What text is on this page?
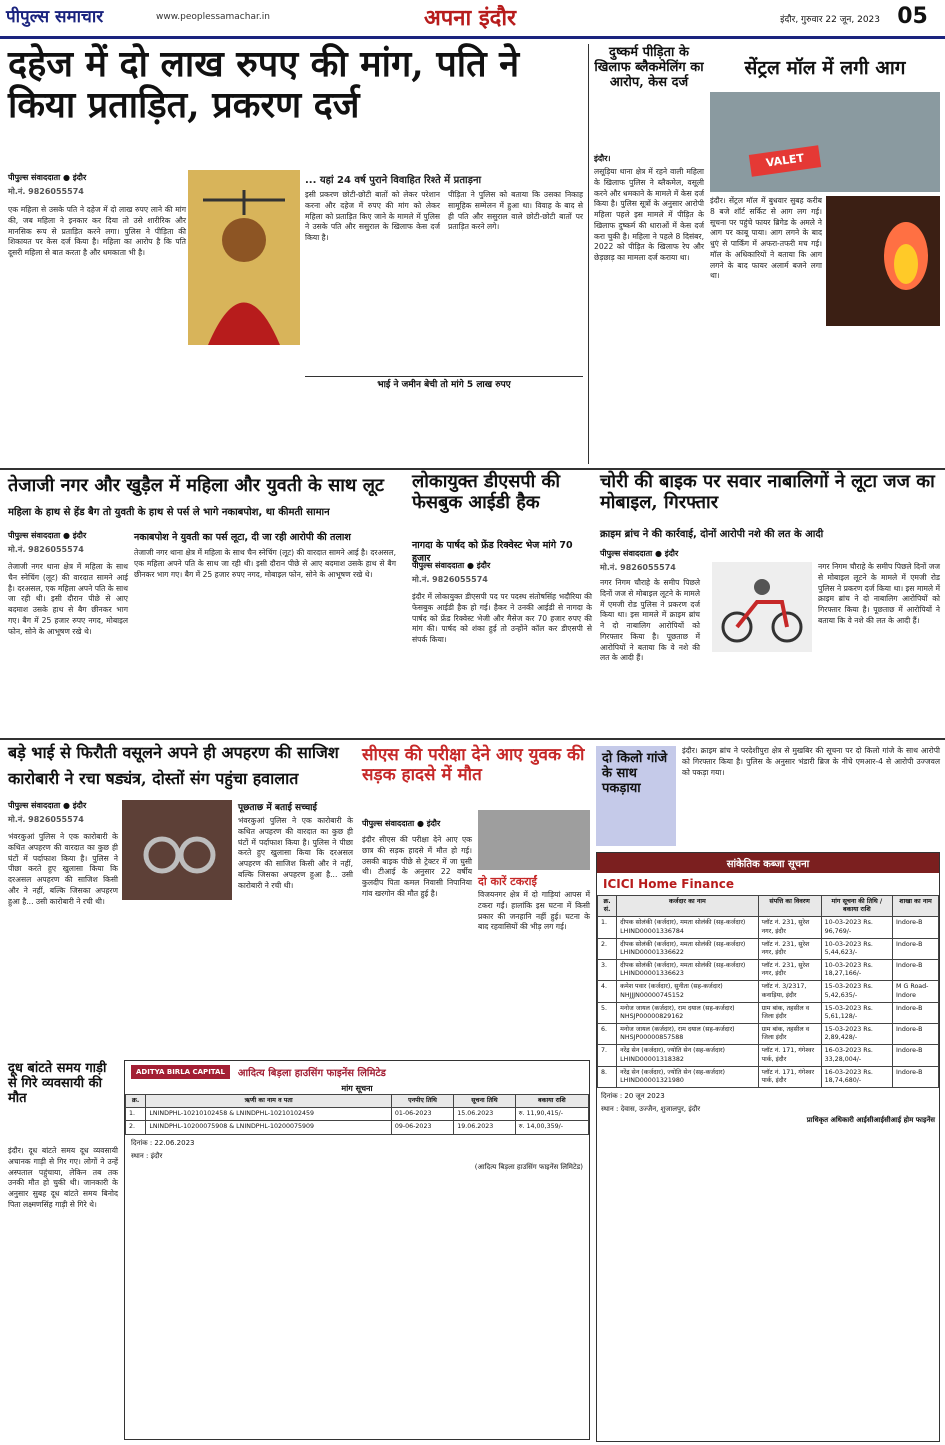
पीपुल्स समाचार	www.peoplessamachar.in	अपना इंदौर	इंदौर, गुरुवार 22 जून, 2023 05
दहेज में दो लाख रुपए की मांग, पति ने किया प्रताड़ित, प्रकरण दर्ज
पीपुल्स संवाददाता ● इंदौर
मो.नं. 9826055574
एक महिला से उसके पति ने दहेज में दो लाख रुपए लाने की मांग की, जब महिला ने इनकार कर दिया तो उसे शारीरिक और मानसिक रूप से प्रताड़ित करने लगा। पुलिस ने पीड़िता की शिकायत पर केस दर्ज किया है। महिला का आरोप है कि पति दूसरी महिला से बात करता है और धमकाता भी है।
... यहां 24 वर्ष पुराने विवाहित रिश्ते में प्रताड़ना
इसी प्रकरण छोटी-छोटी बातों को लेकर परेशान करना और दहेज में रुपए की मांग को लेकर महिला को प्रताड़ित किए जाने के मामले में पुलिस ने उसके पति और ससुराल के खिलाफ केस दर्ज किया है।
पीड़िता ने पुलिस को बताया कि उसका निकाह सामूहिक सम्मेलन में हुआ था। विवाह के बाद से ही पति और ससुराल वाले छोटी-छोटी बातों पर प्रताड़ित करने लगे।
भाई ने जमीन बेची तो मांगे 5 लाख रुपए
दुष्कर्म पीड़िता के खिलाफ ब्लैकमेलिंग का आरोप, केस दर्ज
इंदौर।
लसूड़िया थाना क्षेत्र में रहने वाली महिला के खिलाफ पुलिस ने ब्लैकमेल, वसूली करने और धमकाने के मामले में केस दर्ज किया है। पुलिस सूत्रों के अनुसार आरोपी महिला पहले इस मामले में पीड़ित के खिलाफ दुष्कर्म की धाराओं में केस दर्ज करा चुकी है। महिला ने पहले 8 दिसंबर, 2022 को पीड़ित के खिलाफ रेप और छेड़छाड़ का मामला दर्ज कराया था।
सेंट्रल मॉल में लगी आग
VALET
इंदौर। सेंट्रल मॉल में बुधवार सुबह करीब 8 बजे शॉर्ट सर्किट से आग लग गई। सूचना पर पहुंचे फायर ब्रिगेड के अमले ने आग पर काबू पाया। आग लगने के बाद धुएं से पार्किंग में अफरा-तफरी मच गई। मॉल के अधिकारियों ने बताया कि आग लगने के बाद फायर अलार्म बजने लगा था।
तेजाजी नगर और खुड़ैल में महिला और युवती के साथ लूट
महिला के हाथ से हेंड बैग तो युवती के हाथ से पर्स ले भागे नकाबपोश, था कीमती सामान
पीपुल्स संवाददाता ● इंदौर
मो.नं. 9826055574
तेजाजी नगर थाना क्षेत्र में महिला के साथ चैन स्नेचिंग (लूट) की वारदात सामने आई है। दरअसल, एक महिला अपने पति के साथ जा रही थी। इसी दौरान पीछे से आए बदमाश उसके हाथ से बैग छीनकर भाग गए। बैग में 25 हजार रुपए नगद, मोबाइल फोन, सोने के आभूषण रखे थे।
नकाबपोश ने युवती का पर्स लूटा, दी जा रही आरोपी की तलाश
तेजाजी नगर थाना क्षेत्र में महिला के साथ चैन स्नेचिंग (लूट) की वारदात सामने आई है। दरअसल, एक महिला अपने पति के साथ जा रही थी। इसी दौरान पीछे से आए बदमाश उसके हाथ से बैग छीनकर भाग गए। बैग में 25 हजार रुपए नगद, मोबाइल फोन, सोने के आभूषण रखे थे।
लोकायुक्त डीएसपी की फेसबुक आईडी हैक
नागदा के पार्षद को फ्रेंड रिक्वेस्ट भेज मांगे 70 हजार
पीपुल्स संवाददाता ● इंदौर
मो.नं. 9826055574
इंदौर में लोकायुक्त डीएसपी पद पर पदस्थ संतोषसिंह भदौरिया की फेसबुक आईडी हैक हो गई। हैकर ने उनकी आईडी से नागदा के पार्षद को फ्रेंड रिक्वेस्ट भेजी और मैसेज कर 70 हजार रुपए की मांग की। पार्षद को शंका हुई तो उन्होंने कॉल कर डीएसपी से संपर्क किया।
चोरी की बाइक पर सवार नाबालिगों ने लूटा जज का मोबाइल, गिरफ्तार
क्राइम ब्रांच ने की कार्रवाई, दोनों आरोपी नशे की लत के आदी
पीपुल्स संवाददाता ● इंदौर
मो.नं. 9826055574
नगर निगम चौराहे के समीप पिछले दिनों जज से मोबाइल लूटने के मामले में एमजी रोड पुलिस ने प्रकरण दर्ज किया था। इस मामले में क्राइम ब्रांच ने दो नाबालिग आरोपियों को गिरफ्तार किया है। पूछताछ में आरोपियों ने बताया कि वे नशे की लत के आदी हैं।
नगर निगम चौराहे के समीप पिछले दिनों जज से मोबाइल लूटने के मामले में एमजी रोड पुलिस ने प्रकरण दर्ज किया था। इस मामले में क्राइम ब्रांच ने दो नाबालिग आरोपियों को गिरफ्तार किया है। पूछताछ में आरोपियों ने बताया कि वे नशे की लत के आदी हैं।
बड़े भाई से फिरौती वसूलने अपने ही अपहरण की साजिश
कारोबारी ने रचा षड्यंत्र, दोस्तों संग पहुंचा हवालात
पीपुल्स संवाददाता ● इंदौर
मो.नं. 9826055574
भंवरकुआं पुलिस ने एक कारोबारी के कथित अपहरण की वारदात का कुछ ही घंटों में पर्दाफाश किया है। पुलिस ने पीछा करते हुए खुलासा किया कि दरअसल अपहरण की साजिश किसी और ने नहीं, बल्कि जिसका अपहरण हुआ है... उसी कारोबारी ने रची थी।
पूछताछ में बताई सच्चाई
भंवरकुआं पुलिस ने एक कारोबारी के कथित अपहरण की वारदात का कुछ ही घंटों में पर्दाफाश किया है। पुलिस ने पीछा करते हुए खुलासा किया कि दरअसल अपहरण की साजिश किसी और ने नहीं, बल्कि जिसका अपहरण हुआ है... उसी कारोबारी ने रची थी।
सीएस की परीक्षा देने आए युवक की सड़क हादसे में मौत
पीपुल्स संवाददाता ● इंदौर
इंदौर सीएस की परीक्षा देने आए एक छात्र की सड़क हादसे में मौत हो गई। उसकी बाइक पीछे से ट्रेक्टर में जा घुसी थी। टीआई के अनुसार 22 वर्षीय कुलदीप पिता कमल निवासी निपानिया गांव खरगोन की मौत हुई है।
दो कारें टकराईं
विजयनगर क्षेत्र में दो गाड़ियां आपस में टकरा गईं। हालांकि इस घटना में किसी प्रकार की जनहानि नहीं हुई। घटना के बाद रहवासियों की भीड़ लग गई।
दो किलो गांजे के साथ पकड़ाया
इंदौर। क्राइम ब्रांच ने परदेशीपुरा क्षेत्र से मुखबिर की सूचना पर दो किलो गांजे के साथ आरोपी को गिरफ्तार किया है। पुलिस के अनुसार भंडारी ब्रिज के नीचे एमआर-4 से आरोपी उज्जवल को पकड़ा गया।
सांकेतिक कब्जा सूचना
ICICI Home Finance
क्र. सं.	कर्जदार का नाम	संपत्ति का विवरण	मांग सूचना की तिथि / बकाया राशि	शाखा का नाम
1.	दीपक सोलंकी (कर्जदार), ममता सोलंकी (सह-कर्जदार) LHIND00001336784	प्लॉट नं. 231, सुरेश नगर, इंदौर	10-03-2023 Rs. 96,769/-	Indore-B
2.	दीपक सोलंकी (कर्जदार), ममता सोलंकी (सह-कर्जदार) LHIND00001336622	प्लॉट नं. 231, सुरेश नगर, इंदौर	10-03-2023 Rs. 5,44,623/-	Indore-B
3.	दीपक सोलंकी (कर्जदार), ममता सोलंकी (सह-कर्जदार) LHIND00001336623	प्लॉट नं. 231, सुरेश नगर, इंदौर	10-03-2023 Rs. 18,27,166/-	Indore-B
4.	कमेश पवार (कर्जदार), सुनीता (सह-कर्जदार) NHJJJN00000745152	प्लॉट नं. 3/2317, कनाड़िया, इंदौर	15-03-2023 Rs. 5,42,635/-	M G Road-Indore
5.	मनोज जायल (कर्जदार), राम दयाल (सह-कर्जदार) NHSJP00000829162	ग्राम बांक, तहसील व जिला इंदौर	15-03-2023 Rs. 5,61,128/-	Indore-B
6.	मनोज जायल (कर्जदार), राम दयाल (सह-कर्जदार) NHSJP00000857588	ग्राम बांक, तहसील व जिला इंदौर	15-03-2023 Rs. 2,89,428/-	Indore-B
7.	नरेंद्र सेन (कर्जदार), ज्योति सेन (सह-कर्जदार) LHIND00001318382	प्लॉट नं. 171, गंगेश्वर पार्क, इंदौर	16-03-2023 Rs. 33,28,004/-	Indore-B
8.	नरेंद्र सेन (कर्जदार), ज्योति सेन (सह-कर्जदार) LHIND00001321980	प्लॉट नं. 171, गंगेश्वर पार्क, इंदौर	16-03-2023 Rs. 18,74,680/-	Indore-B
दिनांक : 20 जून 2023
स्थान : देवास, उज्जैन, शुजालपुर, इंदौर
प्राधिकृत अधिकारी आईसीआईसीआई होम फाइनेंस
दूध बांटते समय गाड़ी से गिरे व्यवसायी की मौत
इंदौर। दूध बांटते समय दूध व्यवसायी अचानक गाड़ी से गिर गए। लोगों ने उन्हें अस्पताल पहुंचाया, लेकिन तब तक उनकी मौत हो चुकी थी। जानकारी के अनुसार सुबह दूध बांटते समय बिनोद पिता लक्ष्मणसिंह गाड़ी से गिरे थे।
ADITYA BIRLA CAPITAL	आदित्य बिड़ला हाउसिंग फाइनेंस लिमिटेड
मांग सूचना
क्र.	ऋणी का नाम व पता	एनपीए तिथि	सूचना तिथि	बकाया राशि
1.	LNINDPHL-10210102458 & LNINDPHL-10210102459	01-06-2023	15.06.2023	रु. 11,90,415/-
2.	LNINDPHL-10200075908 & LNINDPHL-10200075909	09-06-2023	19.06.2023	रु. 14,00,359/-
दिनांक : 22.06.2023
स्थान : इंदौर
(आदित्य बिड़ला हाउसिंग फाइनेंस लिमिटेड)
